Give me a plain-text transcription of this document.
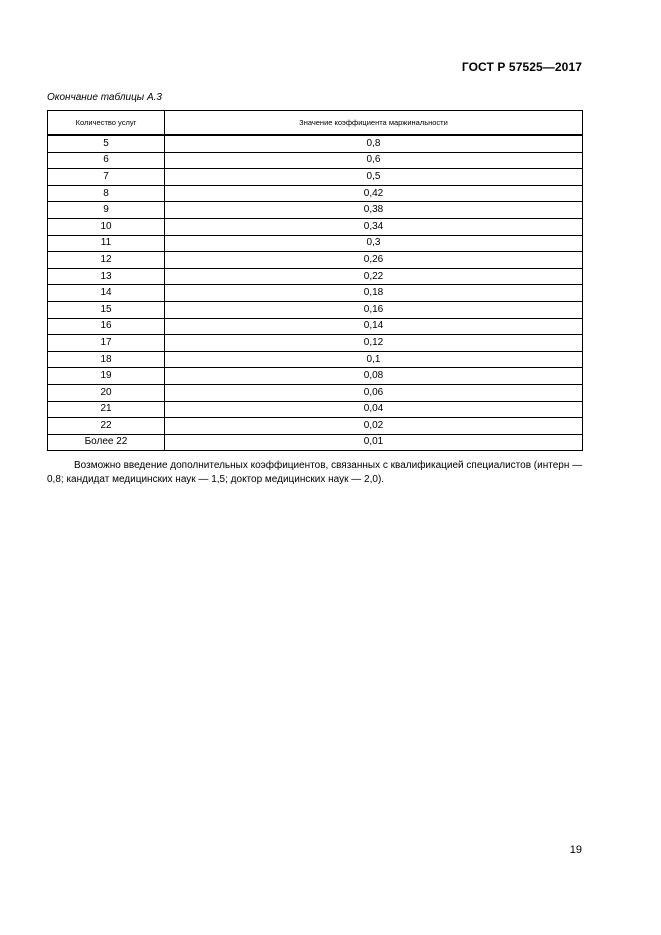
ГОСТ Р 57525—2017
Окончание таблицы А.3
Количество услуг	Значение коэффициента маржинальности
5	0,8
6	0,6
7	0,5
8	0,42
9	0,38
10	0,34
11	0,3
12	0,26
13	0,22
14	0,18
15	0,16
16	0,14
17	0,12
18	0,1
19	0,08
20	0,06
21	0,04
22	0,02
Более 22	0,01
Возможно введение дополнительных коэффициентов, связанных с квалификацией специалистов (интерн — 0,8; кандидат медицинских наук — 1,5; доктор медицинских наук — 2,0).
19
